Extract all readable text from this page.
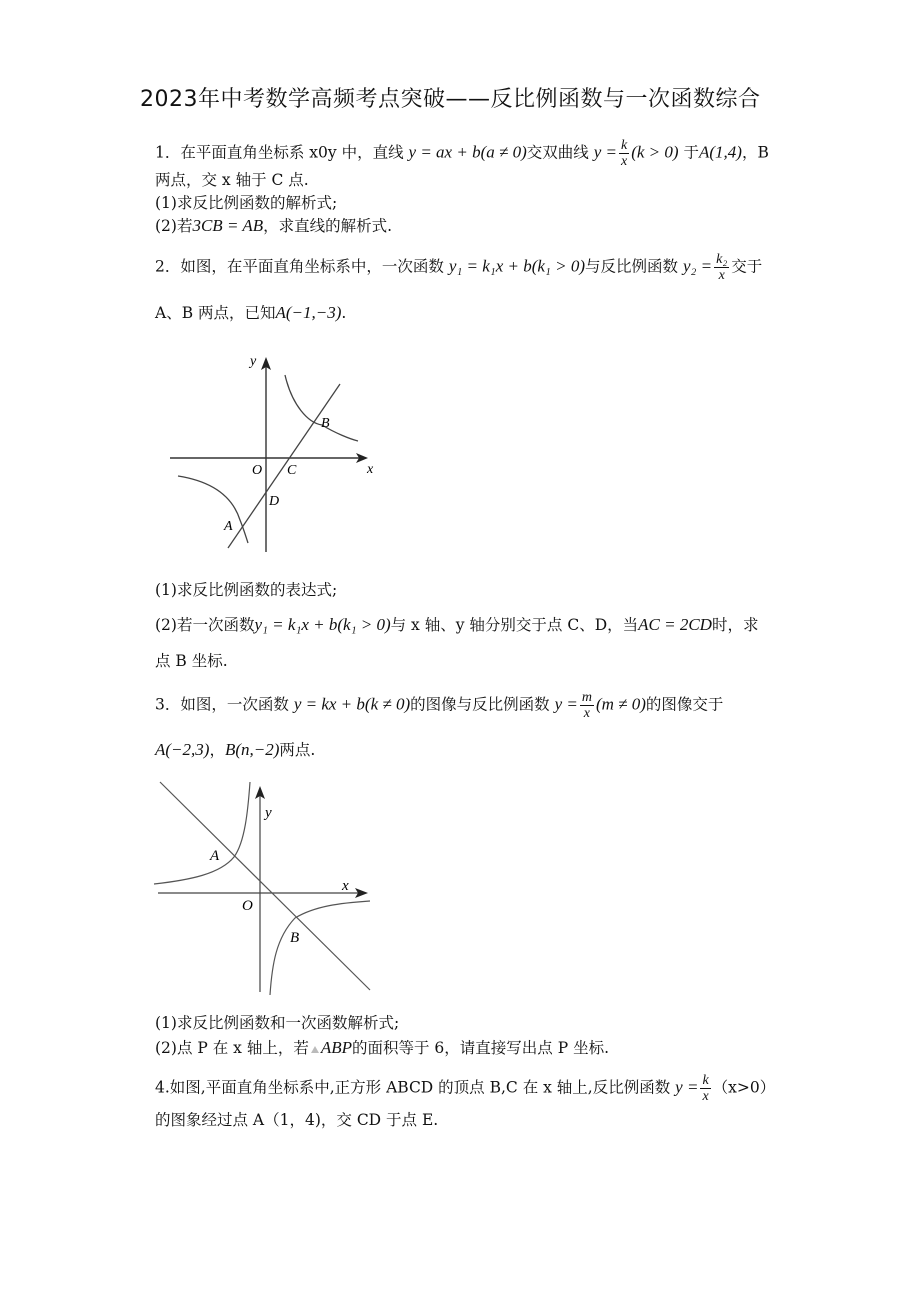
2023年中考数学高频考点突破——反比例函数与一次函数综合
1．在平面直角坐标系 x0y 中，直线 y = ax + b(a ≠ 0)交双曲线 $y = \frac{k}{x} (k > 0)$ 于A(1,4)，B
两点，交 x 轴于 C 点.
(1)求反比例函数的解析式;
(2)若3CB = AB，求直线的解析式.
2．如图，在平面直角坐标系中，一次函数 y₁ = k₁x + b(k₁ > 0)与反比例函数 $y_2 = \frac{\text{k₂}}{x}$ 交于
A、B 两点，已知A(−1,−3).
y
x
O C
B
D
A
(1)求反比例函数的表达式;
(2)若一次函数y₁ = k₁x + b(k₁ > 0)与 x 轴、y 轴分别交于点 C、D，当AC = 2CD时，求
点 B 坐标.
3．如图，一次函数 y = kx + b(k ≠ 0)的图像与反比例函数 $y = \frac{m}{x} (m \ne 0)$的图像交于
A(−2,3)，B(n,−2)两点.
y
x
O
A
B
(1)求反比例函数和一次函数解析式;
(2)点 P 在 x 轴上，若 ABP的面积等于 6，请直接写出点 P 坐标.
4.如图,平面直角坐标系中,正方形 ABCD 的顶点 B,C 在 x 轴上,反比例函数 $y = \frac{k}{x} (x>0)$
的图象经过点 A（1，4)，交 CD 于点 E.
